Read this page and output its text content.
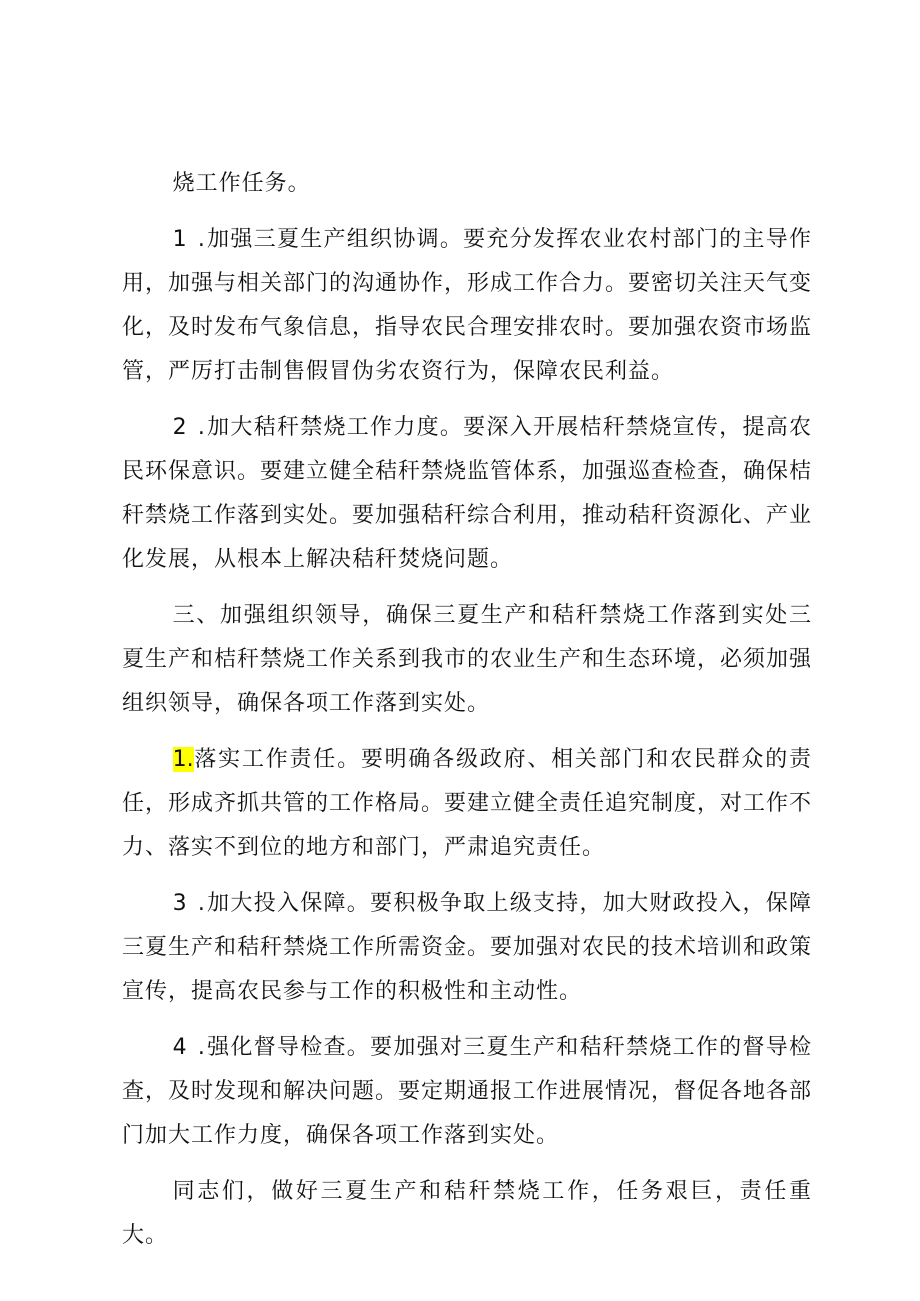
烧工作任务。

1 .加强三夏生产组织协调。要充分发挥农业农村部门的主导作用，加强与相关部门的沟通协作，形成工作合力。要密切关注天气变化，及时发布气象信息，指导农民合理安排农时。要加强农资市场监管，严厉打击制售假冒伪劣农资行为，保障农民利益。

2 .加大秸秆禁烧工作力度。要深入开展桔秆禁烧宣传，提高农民环保意识。要建立健全秸秆禁烧监管体系，加强巡查检查，确保桔秆禁烧工作落到实处。要加强秸秆综合利用，推动秸秆资源化、产业化发展，从根本上解决秸秆焚烧问题。

三、加强组织领导，确保三夏生产和秸秆禁烧工作落到实处三夏生产和桔秆禁烧工作关系到我市的农业生产和生态环境，必须加强组织领导，确保各项工作落到实处。

1.落实工作责任。要明确各级政府、相关部门和农民群众的责任，形成齐抓共管的工作格局。要建立健全责任追究制度，对工作不力、落实不到位的地方和部门，严肃追究责任。

3 .加大投入保障。要积极争取上级支持，加大财政投入，保障三夏生产和秸秆禁烧工作所需资金。要加强对农民的技术培训和政策宣传，提高农民参与工作的积极性和主动性。

4 .强化督导检查。要加强对三夏生产和秸秆禁烧工作的督导检查，及时发现和解决问题。要定期通报工作进展情况，督促各地各部门加大工作力度，确保各项工作落到实处。

同志们，做好三夏生产和秸秆禁烧工作，任务艰巨，责任重大。
